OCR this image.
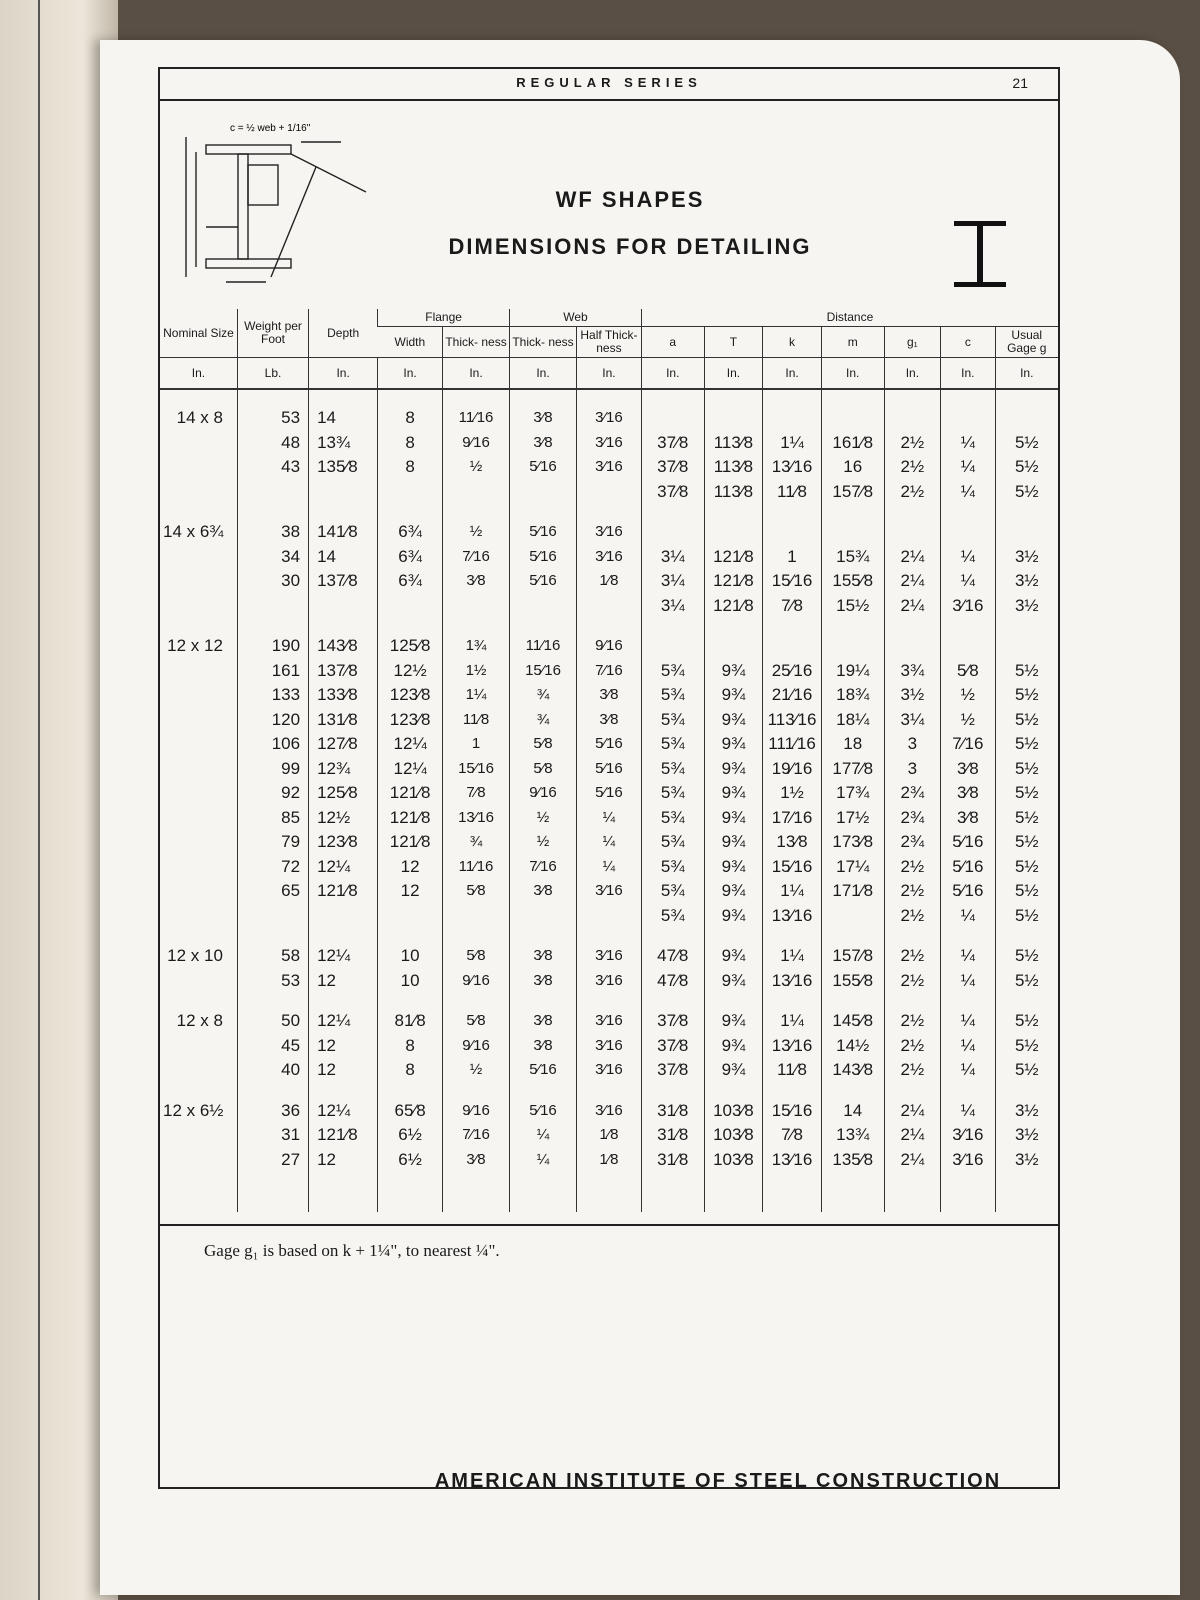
REGULAR SERIES	21
c = ½ web + 1/16"
WF SHAPES
DIMENSIONS FOR DETAILING
Nominal Size	Weight per Foot	Depth	Flange		Web		Distance						
			Width	Thick- ness	Thick- ness	Half Thick- ness	a	T	k	m	g₁	c	Usual Gage g
In.	Lb.	In.	In.	In.	In.	In.	In.	In.	In.	In.	In.	In.	In.

14 x 8	53	14	8	11⁄16	3⁄8	3⁄16							
	48	13¾	8	9⁄16	3⁄8	3⁄16	37⁄8	113⁄8	1¼	161⁄8	2½	¼	5½
	43	135⁄8	8	½	5⁄16	3⁄16	37⁄8	113⁄8	13⁄16	16	2½	¼	5½
							37⁄8	113⁄8	11⁄8	157⁄8	2½	¼	5½

14 x 6¾	38	141⁄8	6¾	½	5⁄16	3⁄16							
	34	14	6¾	7⁄16	5⁄16	3⁄16	3¼	121⁄8	1	15¾	2¼	¼	3½
	30	137⁄8	6¾	3⁄8	5⁄16	1⁄8	3¼	121⁄8	15⁄16	155⁄8	2¼	¼	3½
							3¼	121⁄8	7⁄8	15½	2¼	3⁄16	3½

12 x 12	190	143⁄8	125⁄8	1¾	11⁄16	9⁄16							
	161	137⁄8	12½	1½	15⁄16	7⁄16	5¾	9¾	25⁄16	19¼	3¾	5⁄8	5½
	133	133⁄8	123⁄8	1¼	¾	3⁄8	5¾	9¾	21⁄16	18¾	3½	½	5½
	120	131⁄8	123⁄8	11⁄8	¾	3⁄8	5¾	9¾	113⁄16	18¼	3¼	½	5½
	106	127⁄8	12¼	1	5⁄8	5⁄16	5¾	9¾	111⁄16	18	3	7⁄16	5½
	99	12¾	12¼	15⁄16	5⁄8	5⁄16	5¾	9¾	19⁄16	177⁄8	3	3⁄8	5½
	92	125⁄8	121⁄8	7⁄8	9⁄16	5⁄16	5¾	9¾	1½	17¾	2¾	3⁄8	5½
	85	12½	121⁄8	13⁄16	½	¼	5¾	9¾	17⁄16	17½	2¾	3⁄8	5½
	79	123⁄8	121⁄8	¾	½	¼	5¾	9¾	13⁄8	173⁄8	2¾	5⁄16	5½
	72	12¼	12	11⁄16	7⁄16	¼	5¾	9¾	15⁄16	17¼	2½	5⁄16	5½
	65	121⁄8	12	5⁄8	3⁄8	3⁄16	5¾	9¾	1¼	171⁄8	2½	5⁄16	5½
							5¾	9¾	13⁄16		2½	¼	5½

12 x 10	58	12¼	10	5⁄8	3⁄8	3⁄16	47⁄8	9¾	1¼	157⁄8	2½	¼	5½
	53	12	10	9⁄16	3⁄8	3⁄16	47⁄8	9¾	13⁄16	155⁄8	2½	¼	5½

12 x 8	50	12¼	81⁄8	5⁄8	3⁄8	3⁄16	37⁄8	9¾	1¼	145⁄8	2½	¼	5½
	45	12	8	9⁄16	3⁄8	3⁄16	37⁄8	9¾	13⁄16	14½	2½	¼	5½
	40	12	8	½	5⁄16	3⁄16	37⁄8	9¾	11⁄8	143⁄8	2½	¼	5½

12 x 6½	36	12¼	65⁄8	9⁄16	5⁄16	3⁄16	31⁄8	103⁄8	15⁄16	14	2¼	¼	3½
	31	121⁄8	6½	7⁄16	¼	1⁄8	31⁄8	103⁄8	7⁄8	13¾	2¼	3⁄16	3½
	27	12	6½	3⁄8	¼	1⁄8	31⁄8	103⁄8	13⁄16	135⁄8	2¼	3⁄16	3½

Gage g₁ is based on k + 1¼", to nearest ¼".
AMERICAN INSTITUTE OF STEEL CONSTRUCTION
